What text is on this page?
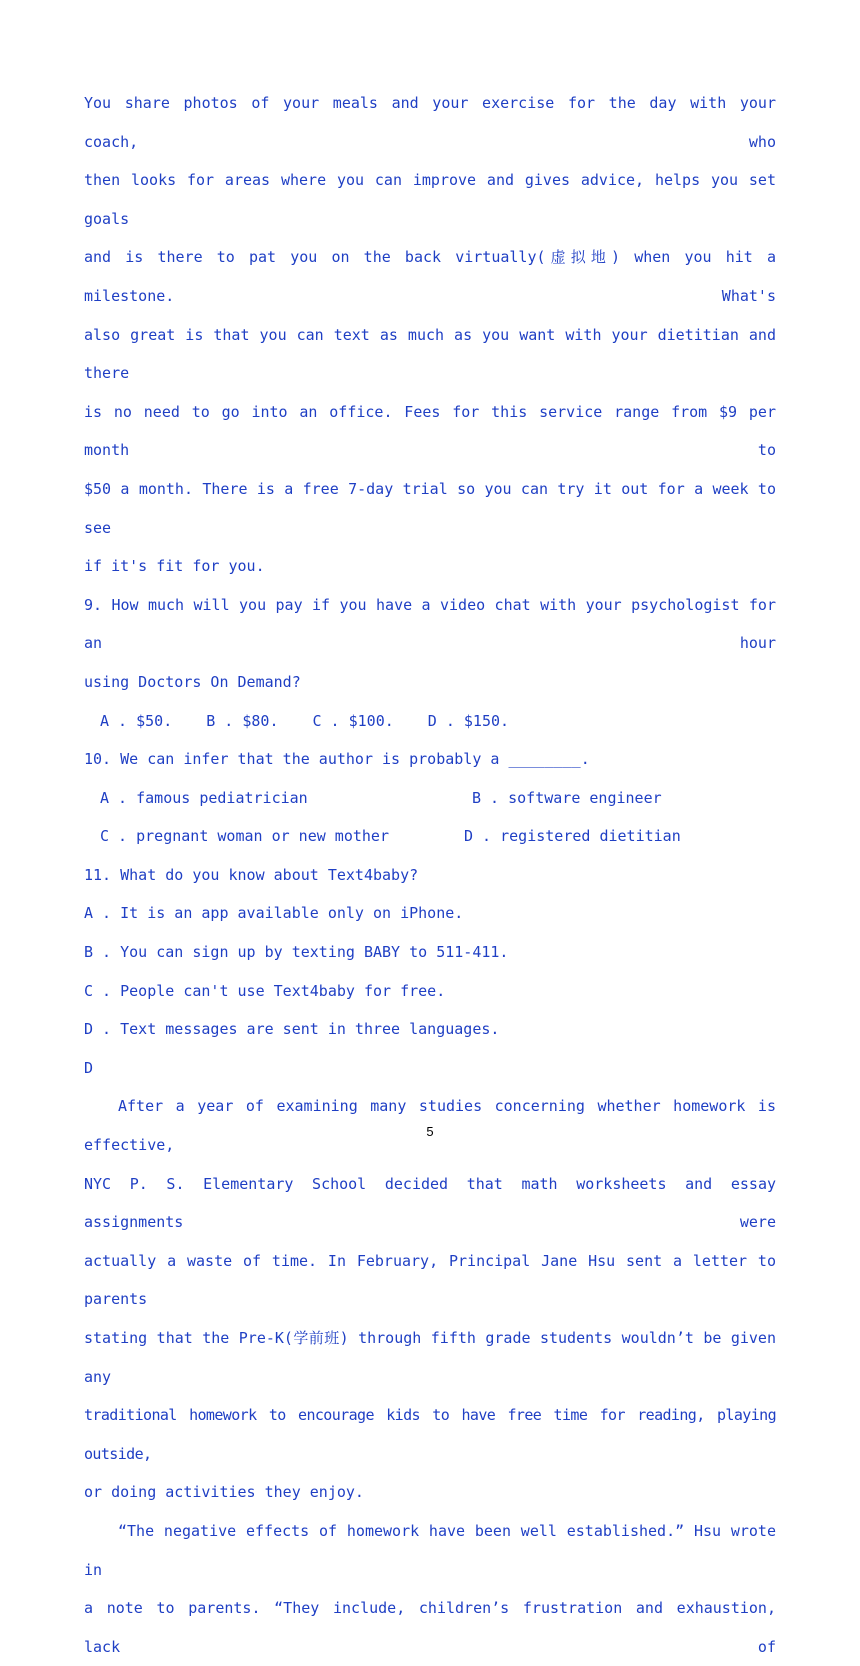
You share photos of your meals and your exercise for the day with your coach, who

then looks for areas where you can improve and gives advice, helps you set goals

and is there to pat you on the back virtually(虚拟地) when you hit a milestone. What's

also great is that you can text as much as you want with your dietitian and there

is no need to go into an office. Fees for this service range from $9 per month to

$50 a month. There is a free 7-day trial so you can try it out for a week to see

if it's fit for you.

9. How much will you pay if you have a video chat with your psychologist for an hour

using Doctors On Demand?

A . $50. B . $80. C . $100. D . $150.

10. We can infer that the author is probably a ________.

A . famous pediatrician	B . software engineer
C . pregnant woman or new mother	D . registered dietitian

11. What do you know about Text4baby?

A . It is an app available only on iPhone.

B . You can sign up by texting BABY to 511-411.

C . People can't use Text4baby for free.

D . Text messages are sent in three languages.

D

After a year of examining many studies concerning whether homework is effective,

NYC P. S. Elementary School decided that math worksheets and essay assignments were

actually a waste of time. In February, Principal Jane Hsu sent a letter to parents

stating that the Pre-K(学前班) through fifth grade students wouldn’t be given any

traditional homework to encourage kids to have free time for reading, playing outside,

or doing activities they enjoy.

“The negative effects of homework have been well established.” Hsu wrote in

a note to parents. “They include, children’s frustration and exhaustion, lack of

5
